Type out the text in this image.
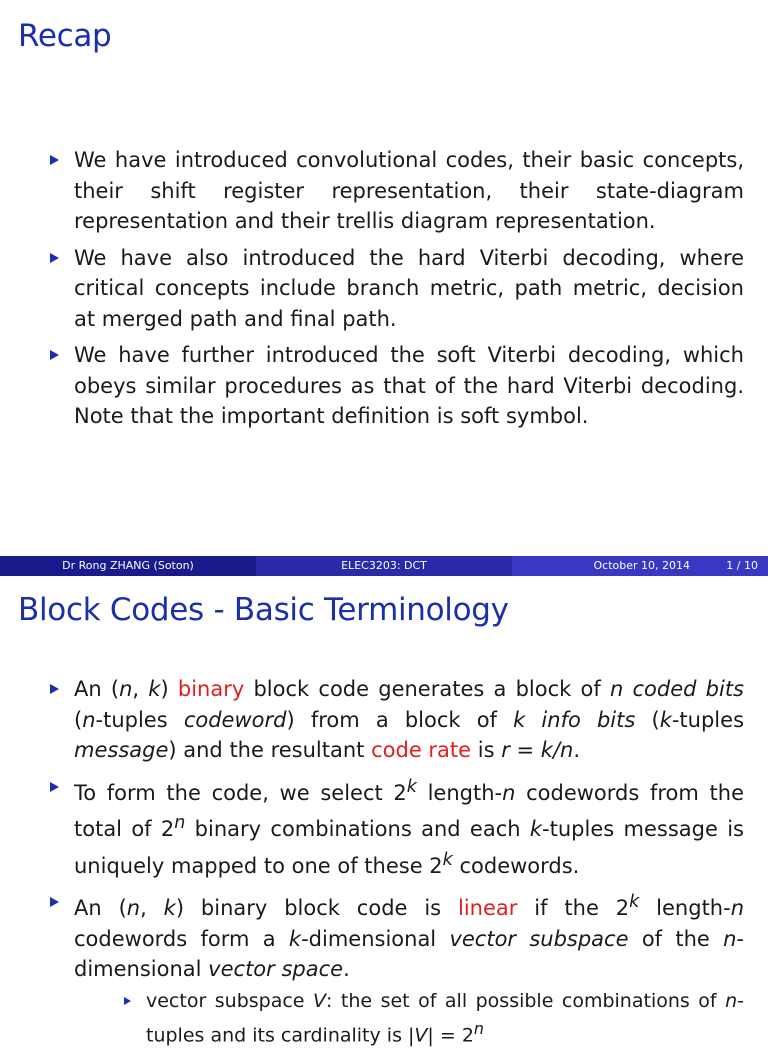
Recap
We have introduced convolutional codes, their basic concepts, their shift register representation, their state-diagram representation and their trellis diagram representation.
We have also introduced the hard Viterbi decoding, where critical concepts include branch metric, path metric, decision at merged path and final path.
We have further introduced the soft Viterbi decoding, which obeys similar procedures as that of the hard Viterbi decoding. Note that the important definition is soft symbol.
Dr Rong ZHANG (Soton)	ELEC3203: DCT	October 10, 2014	1 / 10
Block Codes - Basic Terminology
An (n, k) binary block code generates a block of n coded bits (n-tuples codeword) from a block of k info bits (k-tuples message) and the resultant code rate is r = k/n.
To form the code, we select 2$^k$ length-n codewords from the total of 2$^n$ binary combinations and each k-tuples message is uniquely mapped to one of these 2$^k$ codewords.
An (n, k) binary block code is linear if the 2$^k$ length-n codewords form a k-dimensional vector subspace of the n-dimensional vector space.
vector subspace V: the set of all possible combinations of n-tuples and its cardinality is $|V| = 2^n$
